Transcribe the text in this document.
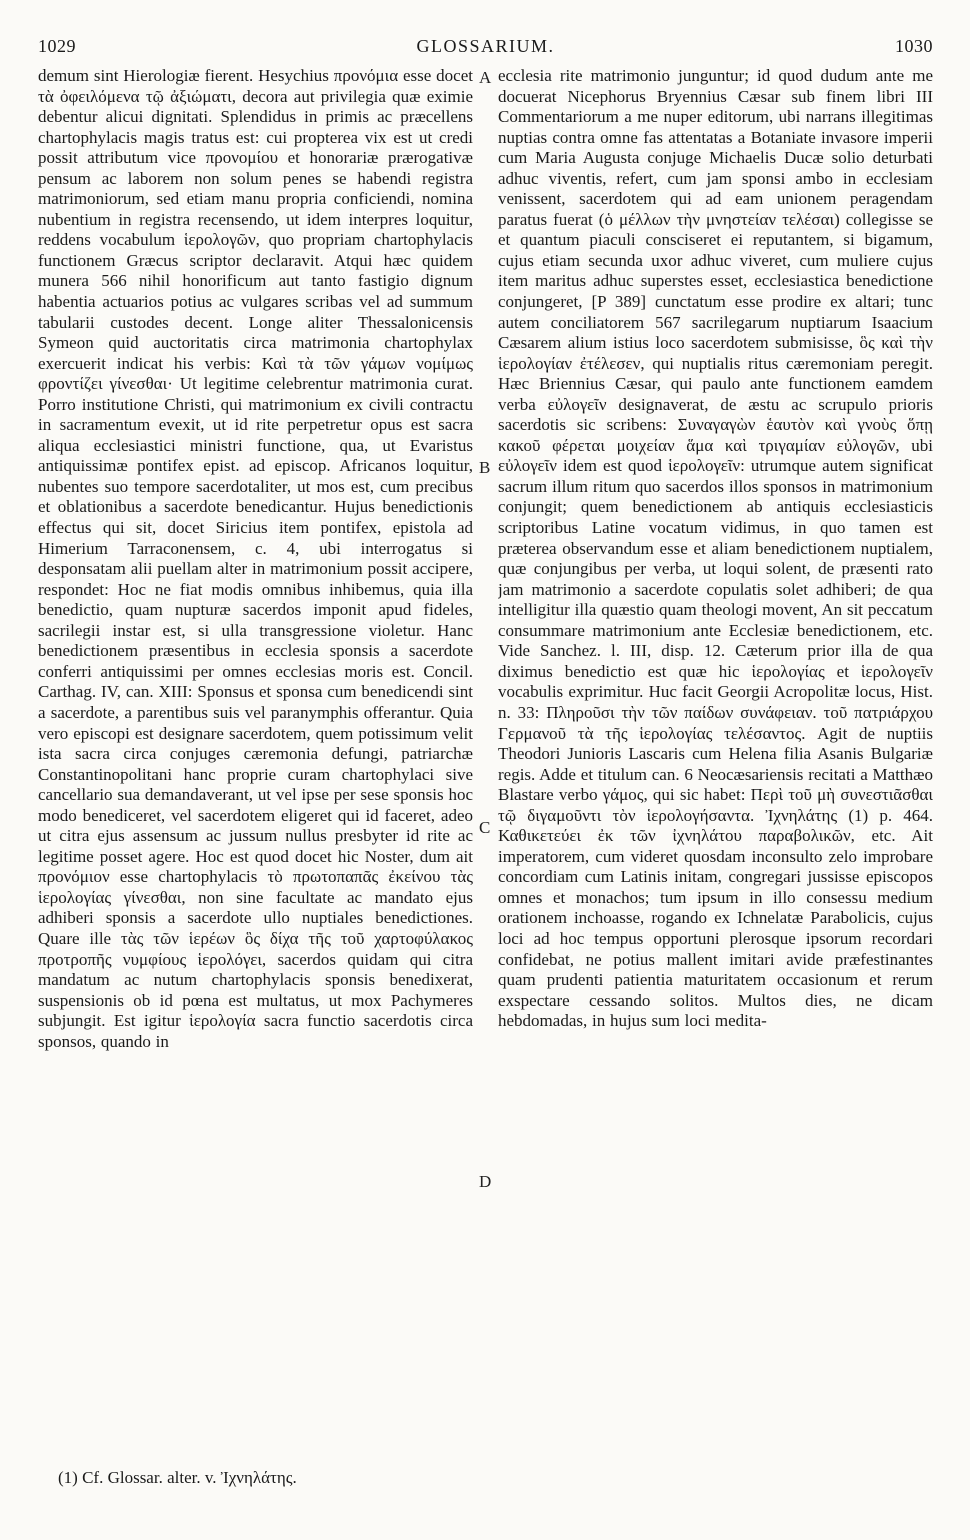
1029	GLOSSARIUM.	1030

demum sint Hierologiæ fierent. Hesychius προνόμια esse docet τὰ ὀφειλόμενα τῷ ἀξιώματι, decora aut privilegia quæ eximie debentur alicui dignitati. Splendidus in primis ac præcellens chartophylacis magis tratus est: cui propterea vix est ut credi possit attributum vice προνομίου et honorariæ prærogativæ pensum ac laborem non solum penes se habendi registra matrimoniorum, sed etiam manu propria conficiendi, nomina nubentium in registra recensendo, ut idem interpres loquitur, reddens vocabulum ἱερολογῶν, quo propriam chartophylacis functionem Græcus scriptor declaravit. Atqui hæc quidem munera 566 nihil honorificum aut tanto fastigio dignum habentia actuarios potius ac vulgares scribas vel ad summum tabularii custodes decent. Longe aliter Thessalonicensis Symeon quid auctoritatis circa matrimonia chartophylax exercuerit indicat his verbis: Καὶ τὰ τῶν γάμων νομίμως φροντίζει γίνεσθαι· Ut legitime celebrentur matrimonia curat. Porro institutione Christi, qui matrimonium ex civili contractu in sacramentum evexit, ut id rite perpetretur opus est sacra aliqua ecclesiastici ministri functione, qua, ut Evaristus antiquissimæ pontifex epist. ad episcop. Africanos loquitur, nubentes suo tempore sacerdotaliter, ut mos est, cum precibus et oblationibus a sacerdote benedicantur. Hujus benedictionis effectus qui sit, docet Siricius item pontifex, epistola ad Himerium Tarraconensem, c. 4, ubi interrogatus si desponsatam alii puellam alter in matrimonium possit accipere, respondet: Hoc ne fiat modis omnibus inhibemus, quia illa benedictio, quam nupturæ sacerdos imponit apud fideles, sacrilegii instar est, si ulla transgressione violetur. Hanc benedictionem præsentibus in ecclesia sponsis a sacerdote conferri antiquissimi per omnes ecclesias moris est. Concil. Carthag. IV, can. XIII: Sponsus et sponsa cum benedicendi sint a sacerdote, a parentibus suis vel paranymphis offerantur. Quia vero episcopi est designare sacerdotem, quem potissimum velit ista sacra circa conjuges cæremonia defungi, patriarchæ Constantinopolitani hanc proprie curam chartophylaci sive cancellario sua demandaverant, ut vel ipse per sese sponsis hoc modo benediceret, vel sacerdotem eligeret qui id faceret, adeo ut citra ejus assensum ac jussum nullus presbyter id rite ac legitime posset agere. Hoc est quod docet hic Noster, dum ait προνόμιον esse chartophylacis τὸ πρωτοπαπᾶς ἐκείνου τὰς ἱερολογίας γίνεσθαι, non sine facultate ac mandato ejus adhiberi sponsis a sacerdote ullo nuptiales benedictiones. Quare ille τὰς τῶν ἱερέων ὃς δίχα τῆς τοῦ χαρτοφύλακος προτροπῆς νυμφίους ἱερολόγει, sacerdos quidam qui citra mandatum ac nutum chartophylacis sponsis benedixerat, suspensionis ob id pœna est multatus, ut mox Pachymeres subjungit. Est igitur ἱερολογία sacra functio sacerdotis circa sponsos, quando in

ecclesia rite matrimonio junguntur; id quod dudum ante me docuerat Nicephorus Bryennius Cæsar sub finem libri III Commentariorum a me nuper editorum, ubi narrans illegitimas nuptias contra omne fas attentatas a Botaniate invasore imperii cum Maria Augusta conjuge Michaelis Ducæ solio deturbati adhuc viventis, refert, cum jam sponsi ambo in ecclesiam venissent, sacerdotem qui ad eam unionem peragendam paratus fuerat (ὁ μέλλων τὴν μνηστείαν τελέσαι) collegisse se et quantum piaculi consciseret ei reputantem, si bigamum, cujus etiam secunda uxor adhuc viveret, cum muliere cujus item maritus adhuc superstes esset, ecclesiastica benedictione conjungeret, [P 389] cunctatum esse prodire ex altari; tunc autem conciliatorem 567 sacrilegarum nuptiarum Isaacium Cæsarem alium istius loco sacerdotem submisisse, ὃς καὶ τὴν ἱερολογίαν ἐτέλεσεν, qui nuptialis ritus cæremoniam peregit. Hæc Briennius Cæsar, qui paulo ante functionem eamdem verba εὐλογεῖν designaverat, de æstu ac scrupulo prioris sacerdotis sic scribens: Συναγαγὼν ἑαυτὸν καὶ γνοὺς ὅπῃ κακοῦ φέρεται μοιχείαν ἅμα καὶ τριγαμίαν εὐλογῶν, ubi εὐλογεῖν idem est quod ἱερολογεῖν: utrumque autem significat sacrum illum ritum quo sacerdos illos sponsos in matrimonium conjungit; quem benedictionem ab antiquis ecclesiasticis scriptoribus Latine vocatum vidimus, in quo tamen est præterea observandum esse et aliam benedictionem nuptialem, quæ conjungibus per verba, ut loqui solent, de præsenti rato jam matrimonio a sacerdote copulatis solet adhiberi; de qua intelligitur illa quæstio quam theologi movent, An sit peccatum consummare matrimonium ante Ecclesiæ benedictionem, etc. Vide Sanchez. l. III, disp. 12. Cæterum prior illa de qua diximus benedictio est quæ hic ἱερολογίας et ἱερολογεῖν vocabulis exprimitur. Huc facit Georgii Acropolitæ locus, Hist. n. 33: Πληροῦσι τὴν τῶν παίδων συνάφειαν. τοῦ πατριάρχου Γερμανοῦ τὰ τῆς ἱερολογίας τελέσαντος. Agit de nuptiis Theodori Junioris Lascaris cum Helena filia Asanis Bulgariæ regis. Adde et titulum can. 6 Neocæsariensis recitati a Matthæo Blastare verbo γάμος, qui sic habet: Περὶ τοῦ μὴ συνεστιᾶσθαι τῷ διγαμοῦντι τὸν ἱερολογήσαντα. Ἰχνηλάτης (1) p. 464. Καθικετεύει ἐκ τῶν ἰχνηλάτου παραβολικῶν, etc. Ait imperatorem, cum videret quosdam inconsulto zelo improbare concordiam cum Latinis initam, congregari jussisse episcopos omnes et monachos; tum ipsum in illo consessu medium orationem inchoasse, rogando ex Ichnelatæ Parabolicis, cujus loci ad hoc tempus opportuni plerosque ipsorum recordari confidebat, ne potius mallent imitari avide præfestinantes quam prudenti patientia maturitatem occasionum et rerum exspectare cessando solitos. Multos dies, ne dicam hebdomadas, in hujus sum loci medita-

A
B
C
D
(1) Cf. Glossar. alter. v. Ἰχνηλάτης.
